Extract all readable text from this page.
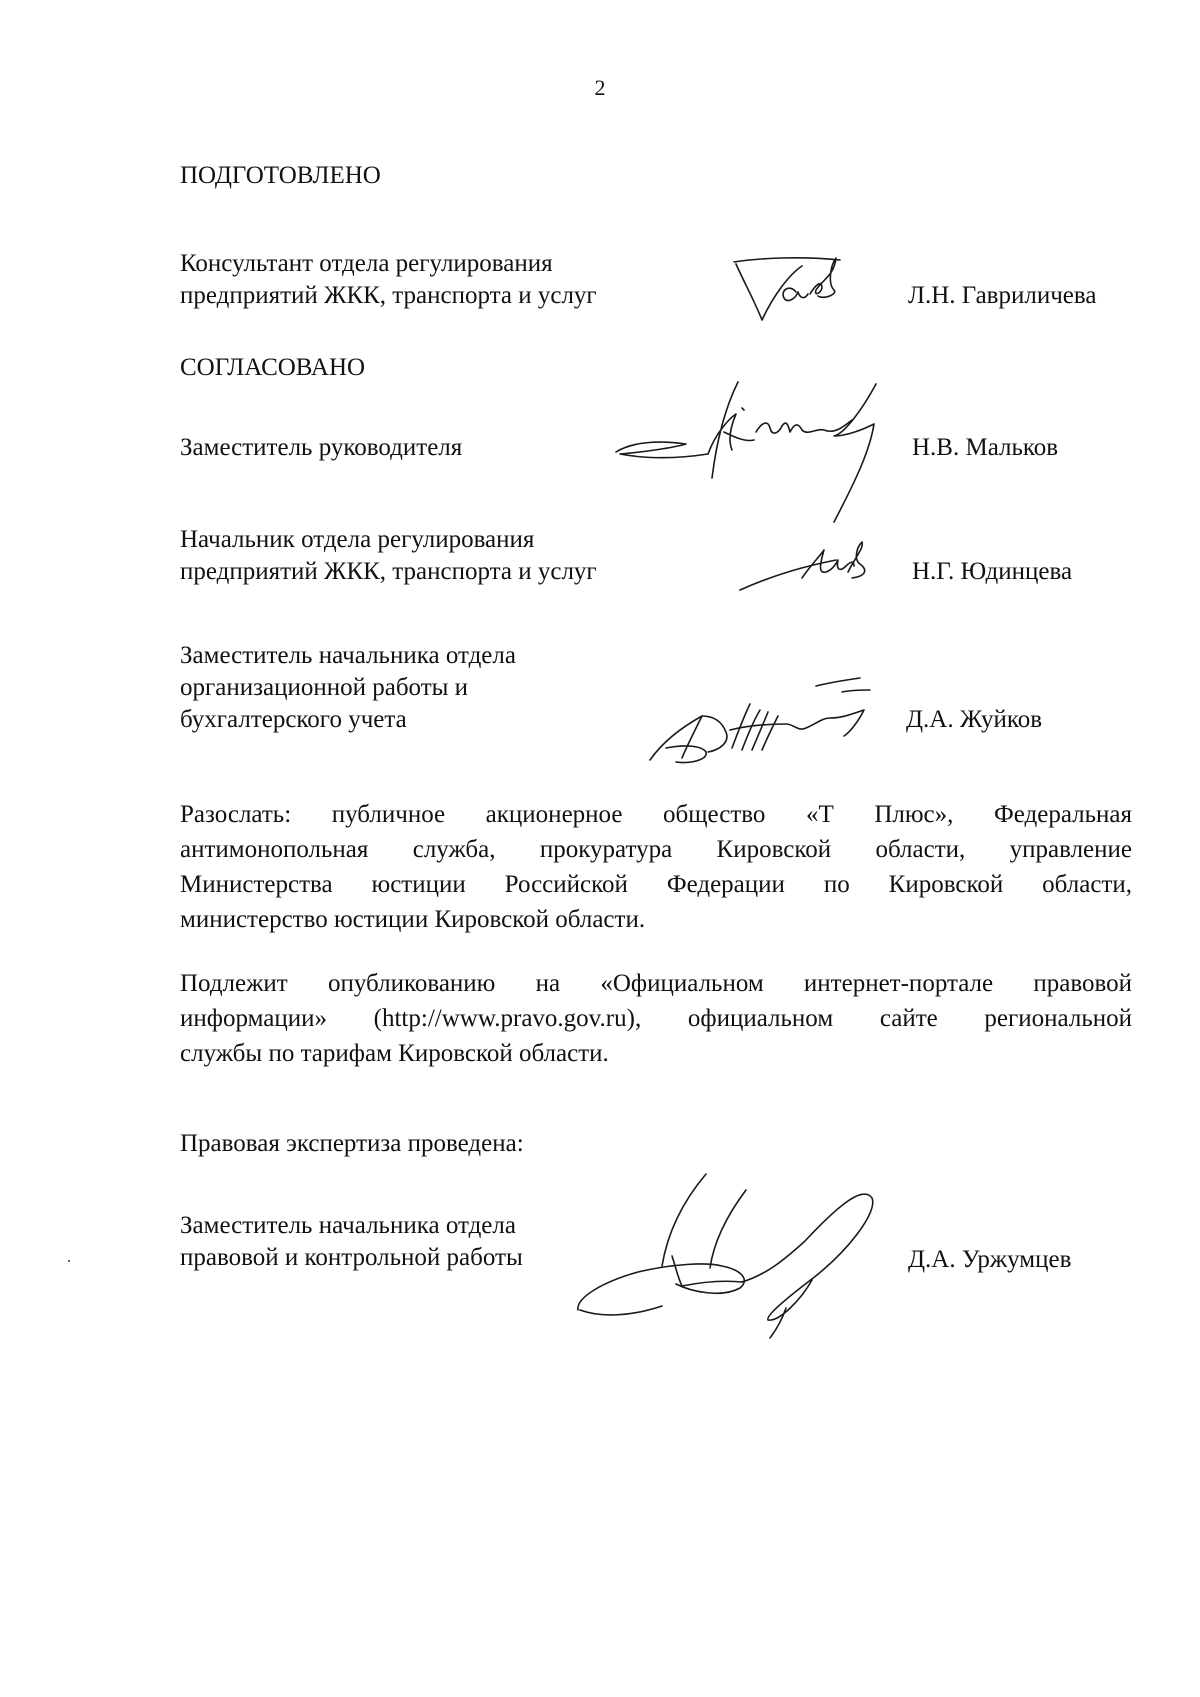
2
ПОДГОТОВЛЕНО
Консультант отдела регулирования
предприятий ЖКК, транспорта и услуг	Л.Н. Гавриличева
СОГЛАСОВАНО
Заместитель руководителя	Н.В. Мальков
Начальник отдела регулирования
предприятий ЖКК, транспорта и услуг	Н.Г. Юдинцева
Заместитель начальника отдела
организационной работы и
бухгалтерского учета	Д.А. Жуйков
Разослать: публичное акционерное общество «Т Плюс», Федеральная
антимонопольная служба, прокуратура Кировской области, управление
Министерства юстиции Российской Федерации по Кировской области,
министерство юстиции Кировской области.
Подлежит опубликованию на «Официальном интернет-портале правовой
информации» (http://www.pravo.gov.ru), официальном сайте региональной
службы по тарифам Кировской области.
Правовая экспертиза проведена:
Заместитель начальника отдела
правовой и контрольной работы	Д.А. Уржумцев
